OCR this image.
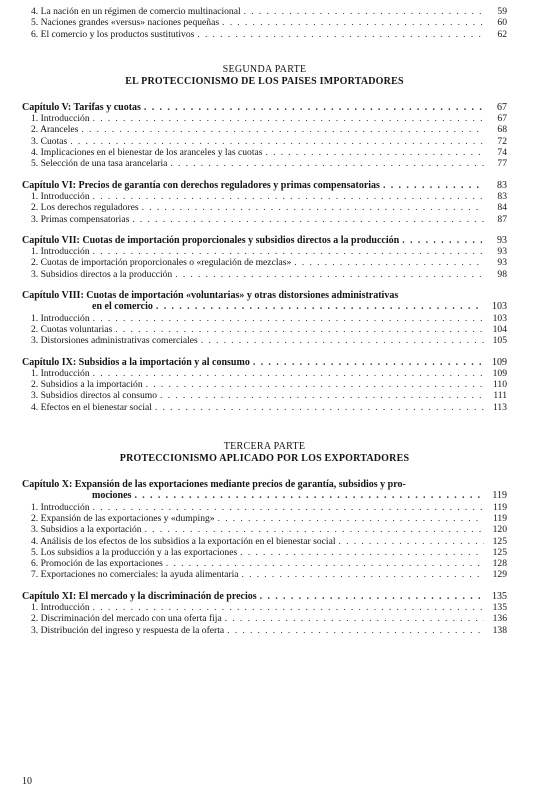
4. La nación en un régimen de comercio multinacional . . .	59
5. Naciones grandes «versus» naciones pequeñas . . .	60
6. El comercio y los productos sustitutivos . . .	62
SEGUNDA PARTE
EL PROTECCIONISMO DE LOS PAISES IMPORTADORES
Capítulo V: Tarifas y cuotas . . .	67
1. Introducción . . .	67
2. Aranceles . . .	68
3. Cuotas . . .	72
4. Implicaciones en el bienestar de los aranceles y las cuotas . . .	74
5. Selección de una tasa arancelaria . . .	77
Capítulo VI: Precios de garantía con derechos reguladores y primas compensatorias . . .	83
1. Introducción . . .	83
2. Los derechos reguladores . . .	84
3. Primas compensatorias . . .	87
Capítulo VII: Cuotas de importación proporcionales y subsidios directos a la producción . . .	93
1. Introducción . . .	93
2. Cuotas de importación proporcionales o «regulación de mezclas» . . .	93
3. Subsidios directos a la producción . . .	98
Capítulo VIII: Cuotas de importación «voluntarias» y otras distorsiones administrativas
en el comercio . . .	103
1. Introducción . . .	103
2. Cuotas voluntarias . . .	104
3. Distorsiones administrativas comerciales . . .	105
Capítulo IX: Subsidios a la importación y al consumo . . .	109
1. Introducción . . .	109
2. Subsidios a la importación . . .	110
3. Subsidios directos al consumo . . .	111
4. Efectos en el bienestar social . . .	113
TERCERA PARTE
PROTECCIONISMO APLICADO POR LOS EXPORTADORES
Capítulo X: Expansión de las exportaciones mediante precios de garantía, subsidios y pro-
mociones . . .	119
1. Introducción . . .	119
2. Expansión de las exportaciones y «dumping» . . .	119
3. Subsidios a la exportación . . .	120
4. Análisis de los efectos de los subsidios a la exportación en el bienestar social . . .	125
5. Los subsidios a la producción y a las exportaciones . . .	125
6. Promoción de las exportaciones . . .	128
7. Exportaciones no comerciales: la ayuda alimentaria . . .	129
Capítulo XI: El mercado y la discriminación de precios . . .	135
1. Introducción . . .	135
2. Discriminación del mercado con una oferta fija . . .	136
3. Distribución del ingreso y respuesta de la oferta . . .	138
10
